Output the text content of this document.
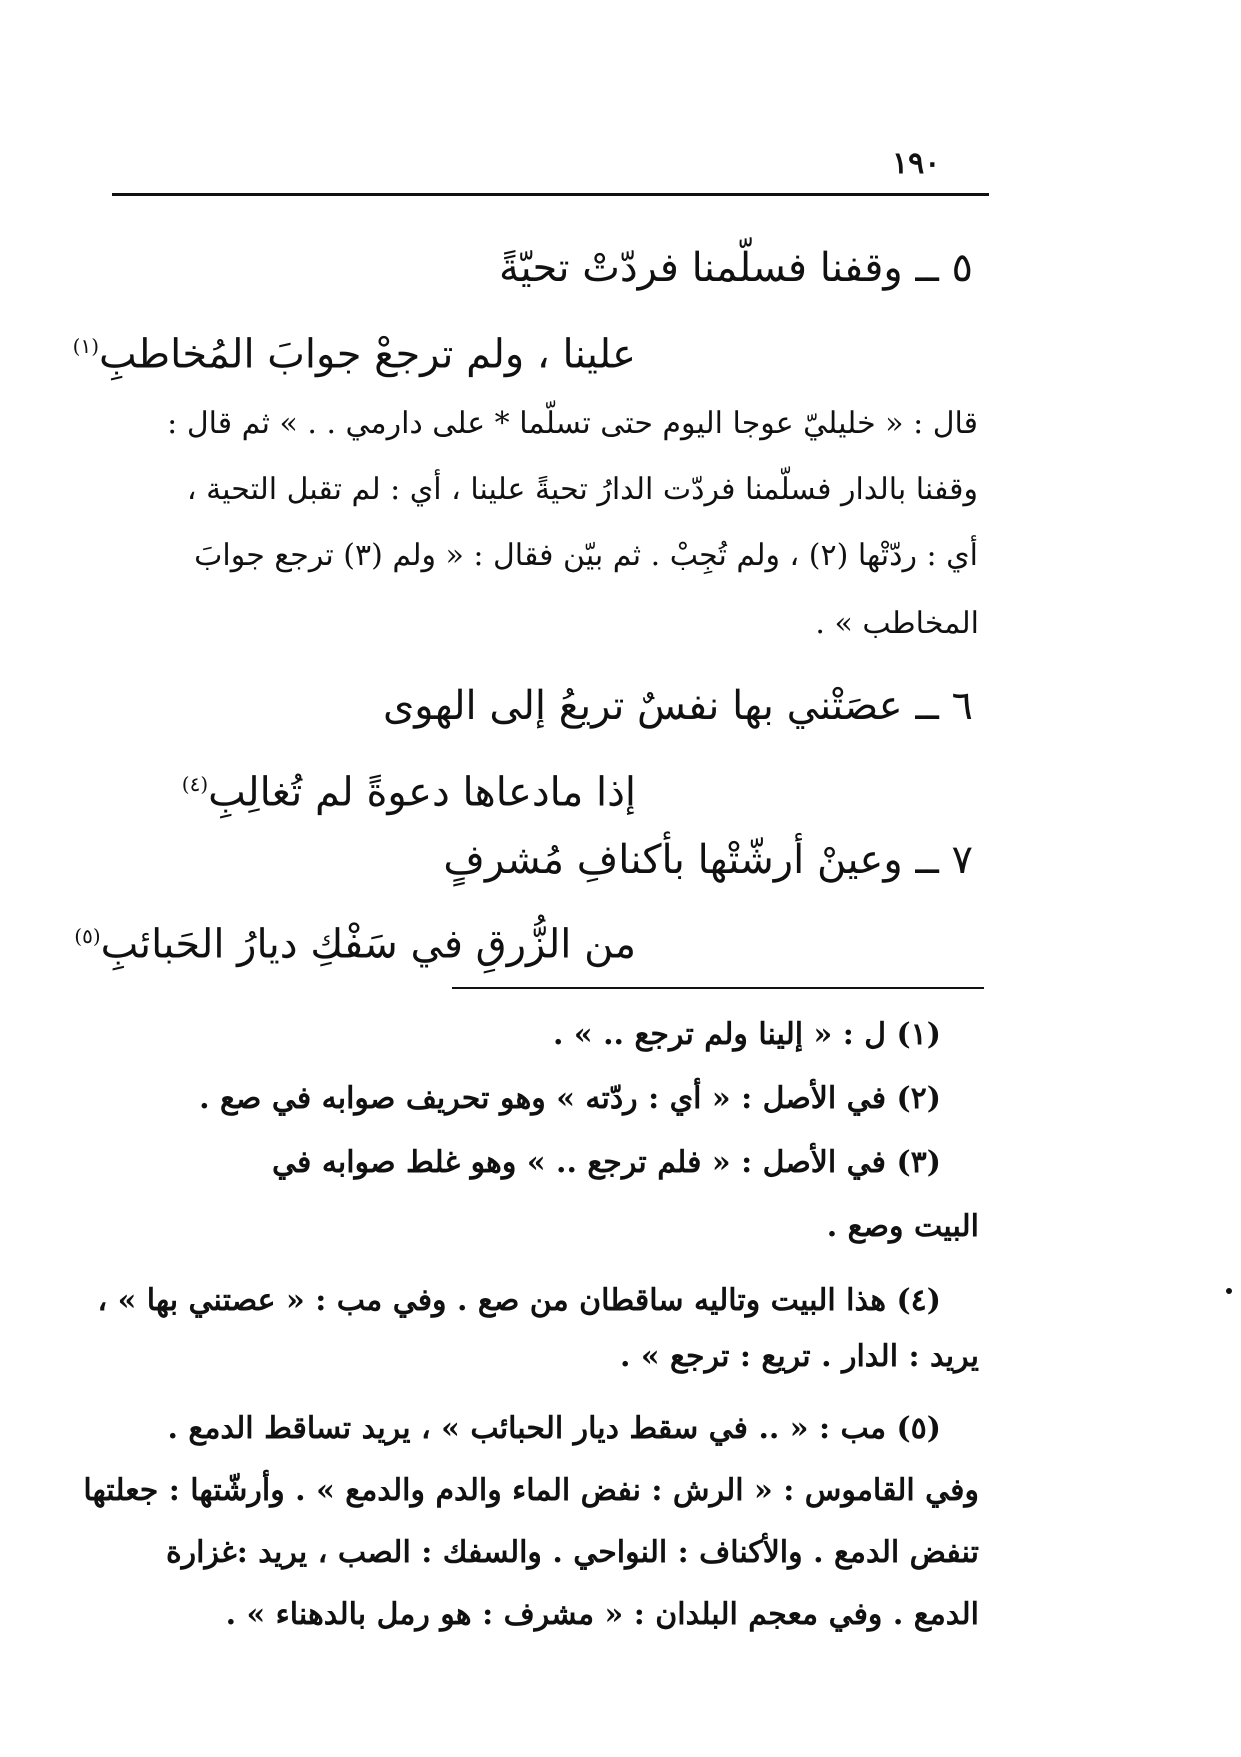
١٩٠
٥ ــ وقفنا فسلّمنا فردّتْ تحيّةً
علينا ، ولم ترجعْ جوابَ المُخاطبِ$^{(١)}$
قال : « خليليّ عوجا اليوم حتى تسلّما * على دارمي . . » ثم قال :
وقفنا بالدار فسلّمنا فردّت الدارُ تحيةً علينا ، أي : لم تقبل التحية ،
أي : ردّتْها (٢) ، ولم تُجِبْ . ثم بيّن فقال : « ولم (٣) ترجع جوابَ
المخاطب » .
٦ ــ عصَتْني بها نفسٌ تريعُ إلى الهوى
إذا مادعاها دعوةً لم تُغالِبِ$^{(٤)}$
٧ ــ وعينْ أرشّتْها بأكنافِ مُشرفٍ
من الزُّرقِ في سَفْكِ ديارُ الحَبائبِ$^{(٥)}$
(١) ل : « إلينا ولم ترجع .. » .
(٢) في الأصل : « أي : ردّته » وهو تحريف صوابه في صع .
(٣) في الأصل : « فلم ترجع .. » وهو غلط صوابه في
البيت وصع .
(٤) هذا البيت وتاليه ساقطان من صع . وفي مب : « عصتني بها » ،
يريد : الدار . تريع : ترجع » .
(٥) مب : « .. في سقط ديار الحبائب » ، يريد تساقط الدمع .
وفي القاموس : « الرش : نفض الماء والدم والدمع » . وأرشّتها : جعلتها
تنفض الدمع . والأكناف : النواحي . والسفك : الصب ، يريد :غزارة
الدمع . وفي معجم البلدان : « مشرف : هو رمل بالدهناء » .
